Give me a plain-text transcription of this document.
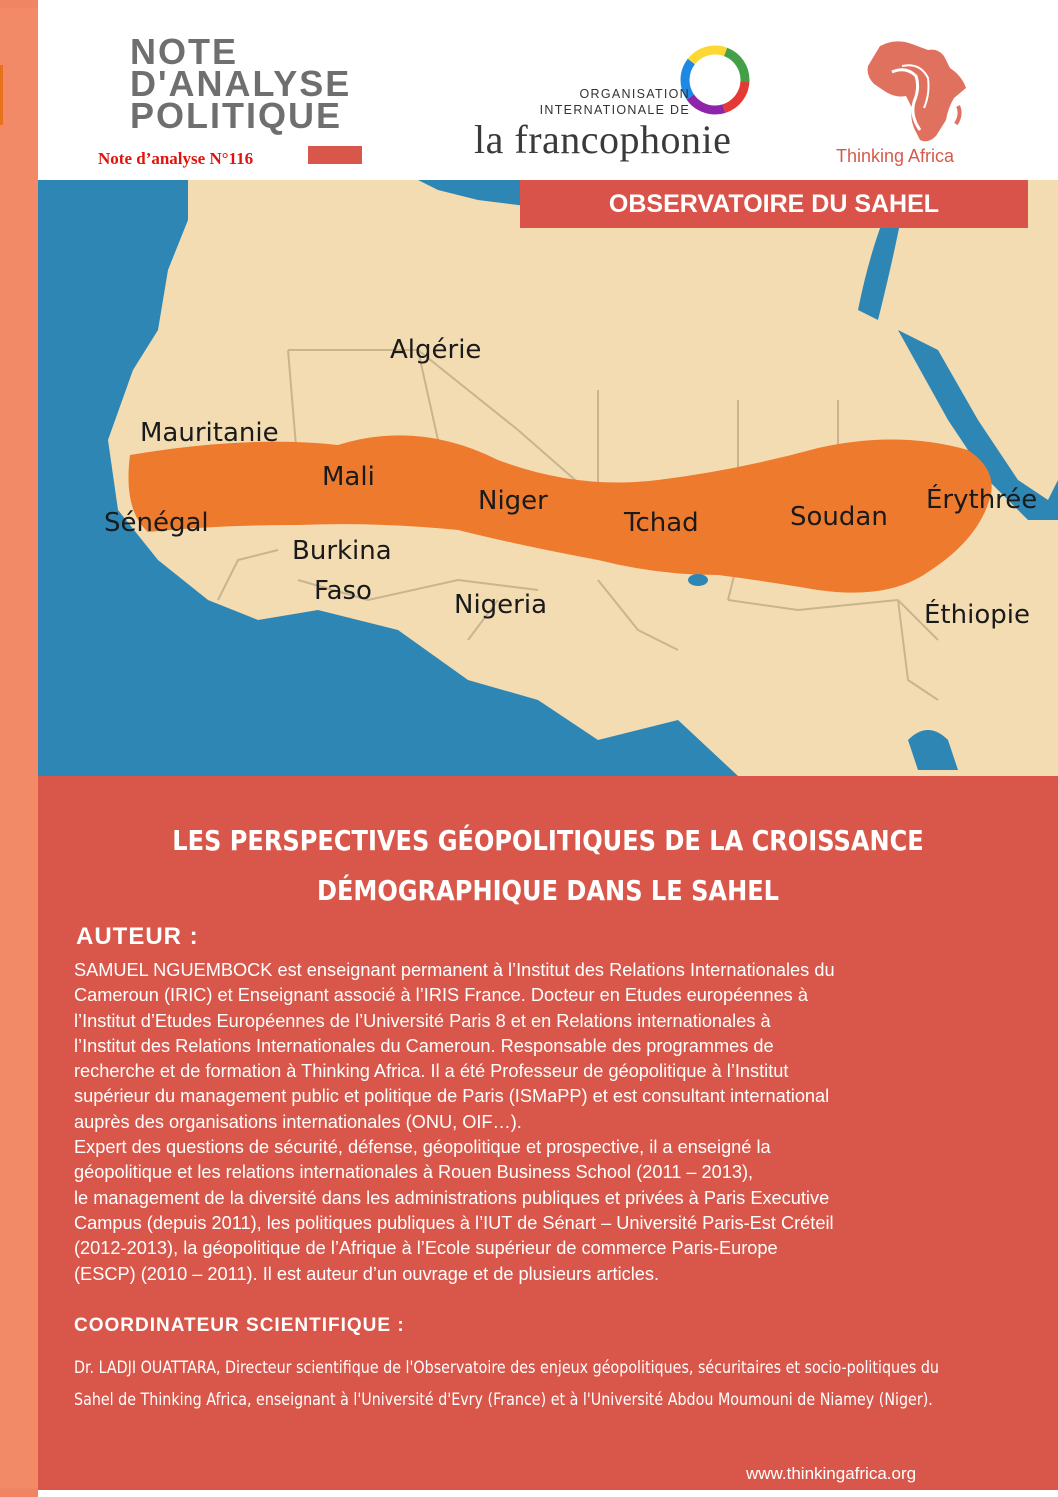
NOTE
D'ANALYSE
POLITIQUE
Note d’analyse N°116
ORGANISATION
INTERNATIONALE DE
la francophonie	Thinking Africa
Algérie
Mauritanie
Mali
Sénégal
Niger
Tchad	Soudan
Érythrée
Burkina
Faso	Nigeria	Éthiopie
OBSERVATOIRE DU SAHEL
LES PERSPECTIVES GÉOPOLITIQUES DE LA CROISSANCE
DÉMOGRAPHIQUE DANS LE SAHEL
AUTEUR :

SAMUEL NGUEMBOCK est enseignant permanent à l’Institut des Relations Internationales du

Cameroun (IRIC) et Enseignant associé à l’IRIS France. Docteur en Etudes européennes à

l’Institut d’Etudes Européennes de l’Université Paris 8 et en Relations internationales à

l’Institut des Relations Internationales du Cameroun. Responsable des programmes de

recherche et de formation à Thinking Africa. Il a été Professeur de géopolitique à l’Institut

supérieur du management public et politique de Paris (ISMaPP) et est consultant international

auprès des organisations internationales (ONU, OIF…).

Expert des questions de sécurité, défense, géopolitique et prospective, il a enseigné la

géopolitique et les relations internationales à Rouen Business School (2011 – 2013),

le management de la diversité dans les administrations publiques et privées à Paris Executive

Campus (depuis 2011), les politiques publiques à l’IUT de Sénart – Université Paris-Est Créteil

(2012-2013), la géopolitique de l’Afrique à l’Ecole supérieur de commerce Paris-Europe

(ESCP) (2010 – 2011). Il est auteur d’un ouvrage et de plusieurs articles.

COORDINATEUR SCIENTIFIQUE :
Dr. LADJI OUATTARA, Directeur scientifique de l'Observatoire des enjeux géopolitiques, sécuritaires et socio-politiques du
Sahel de Thinking Africa, enseignant à l'Université d'Evry (France) et à l'Université Abdou Moumouni de Niamey (Niger).
www.thinkingafrica.org
